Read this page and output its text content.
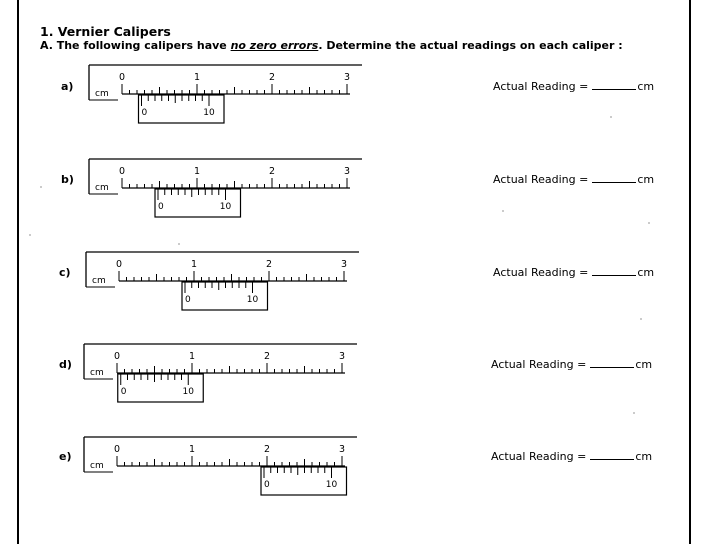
1. Vernier Calipers
A. The following calipers have no zero errors. Determine the actual readings on each caliper :
a)
cm
0	1	2	3
0	10
Actual Reading =	cm
b)
cm
0	1	2	3
0	10
Actual Reading =	cm
c)
cm
0	1	2	3
0	10
Actual Reading =	cm
d)
cm
0	1	2	3
0	10
Actual Reading =	cm
e)
cm
0	1	2	3
0	10
Actual Reading =	cm
